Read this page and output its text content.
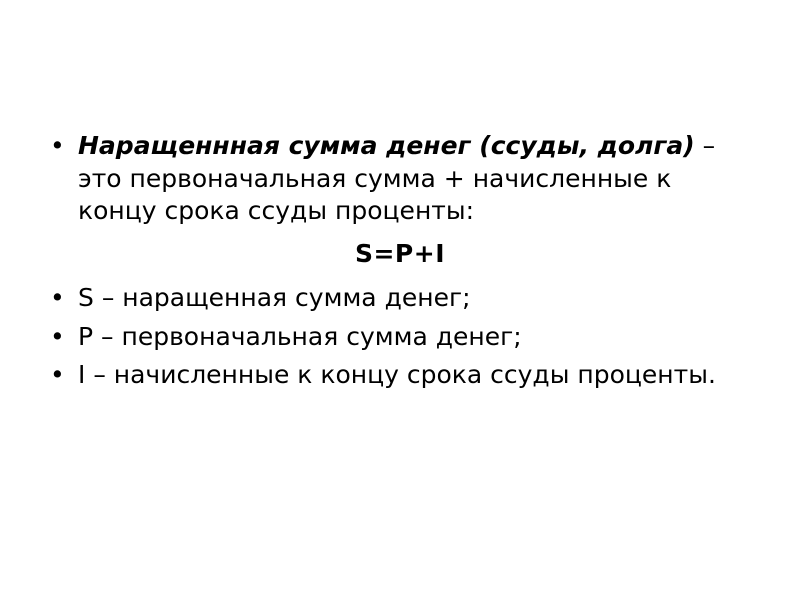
• Наращеннная сумма денег (ссуды, долга) – это первоначальная сумма + начисленные к концу срока ссуды проценты:
S=P+I
• S – наращенная сумма денег;
• P – первоначальная сумма денег;
• I – начисленные к концу срока ссуды проценты.
